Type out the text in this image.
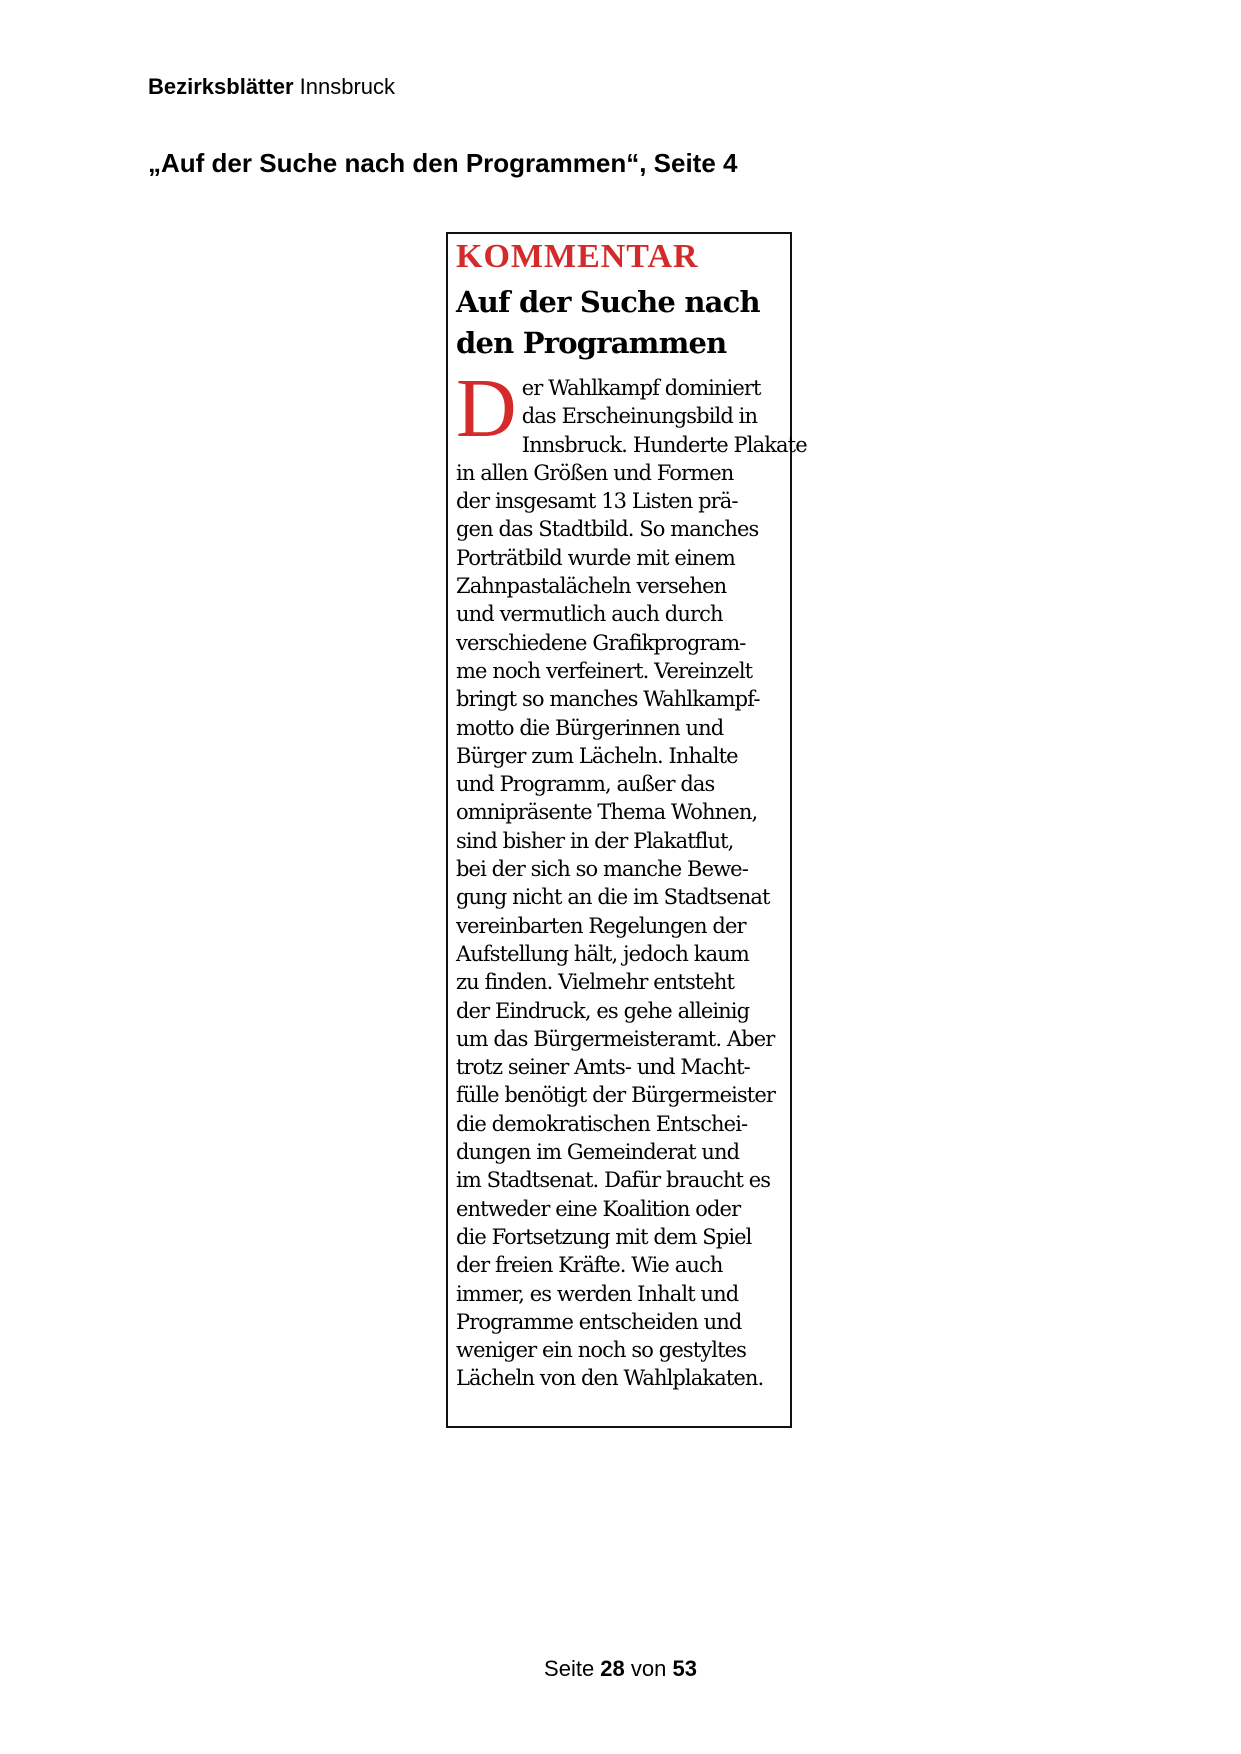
Bezirksblätter Innsbruck
„Auf der Suche nach den Programmen“, Seite 4
KOMMENTAR
Auf der Suche nach
den Programmen
D er Wahlkampf dominiert
das Erscheinungsbild in
Innsbruck. Hunderte Plakate
in allen Größen und Formen
der insgesamt 13 Listen prä-
gen das Stadtbild. So manches
Porträtbild wurde mit einem
Zahnpastalächeln versehen
und vermutlich auch durch
verschiedene Grafikprogram-
me noch verfeinert. Vereinzelt
bringt so manches Wahlkampf-
motto die Bürgerinnen und
Bürger zum Lächeln. Inhalte
und Programm, außer das
omnipräsente Thema Wohnen,
sind bisher in der Plakatflut,
bei der sich so manche Bewe-
gung nicht an die im Stadtsenat
vereinbarten Regelungen der
Aufstellung hält, jedoch kaum
zu finden. Vielmehr entsteht
der Eindruck, es gehe alleinig
um das Bürgermeisteramt. Aber
trotz seiner Amts- und Macht-
fülle benötigt der Bürgermeister
die demokratischen Entschei-
dungen im Gemeinderat und
im Stadtsenat. Dafür braucht es
entweder eine Koalition oder
die Fortsetzung mit dem Spiel
der freien Kräfte. Wie auch
immer, es werden Inhalt und
Programme entscheiden und
weniger ein noch so gestyltes
Lächeln von den Wahlplakaten.
Seite 28 von 53
